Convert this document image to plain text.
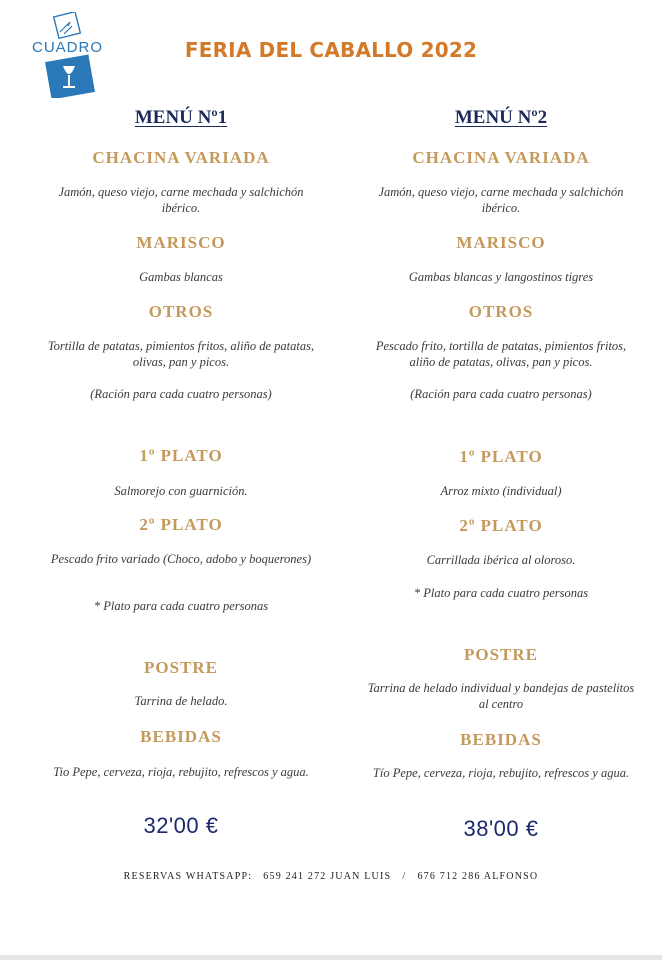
CUADRO	FERIA DEL CABALLO 2022
MENÚ Nº1
CHACINA VARIADA
Jamón, queso viejo, carne mechada y salchichón ibérico.
MARISCO
Gambas blancas
OTROS
Tortilla de patatas, pimientos fritos, aliño de patatas, olivas, pan y picos.
(Ración para cada cuatro personas)
1º PLATO
Salmorejo con guarnición.
2º PLATO
Pescado frito variado (Choco, adobo y boquerones)
* Plato para cada cuatro personas
POSTRE
Tarrina de helado.
BEBIDAS
Tio Pepe, cerveza, rioja, rebujito, refrescos y agua.
32'00 €
MENÚ Nº2
CHACINA VARIADA
Jamón, queso viejo, carne mechada y salchichón ibérico.
MARISCO
Gambas blancas y langostinos tigres
OTROS
Pescado frito, tortilla de patatas, pimientos fritos, aliño de patatas, olivas, pan y picos.
(Ración para cada cuatro personas)
1º PLATO
Arroz mixto (individual)
2º PLATO
Carrillada ibérica al oloroso.
* Plato para cada cuatro personas
POSTRE
Tarrina de helado individual y bandejas de pastelitos al centro
BEBIDAS
Tío Pepe, cerveza, rioja, rebujito, refrescos y agua.
38'00 €
RESERVAS WHATSAPP:   659 241 272 JUAN LUIS   /   676 712 286 ALFONSO
